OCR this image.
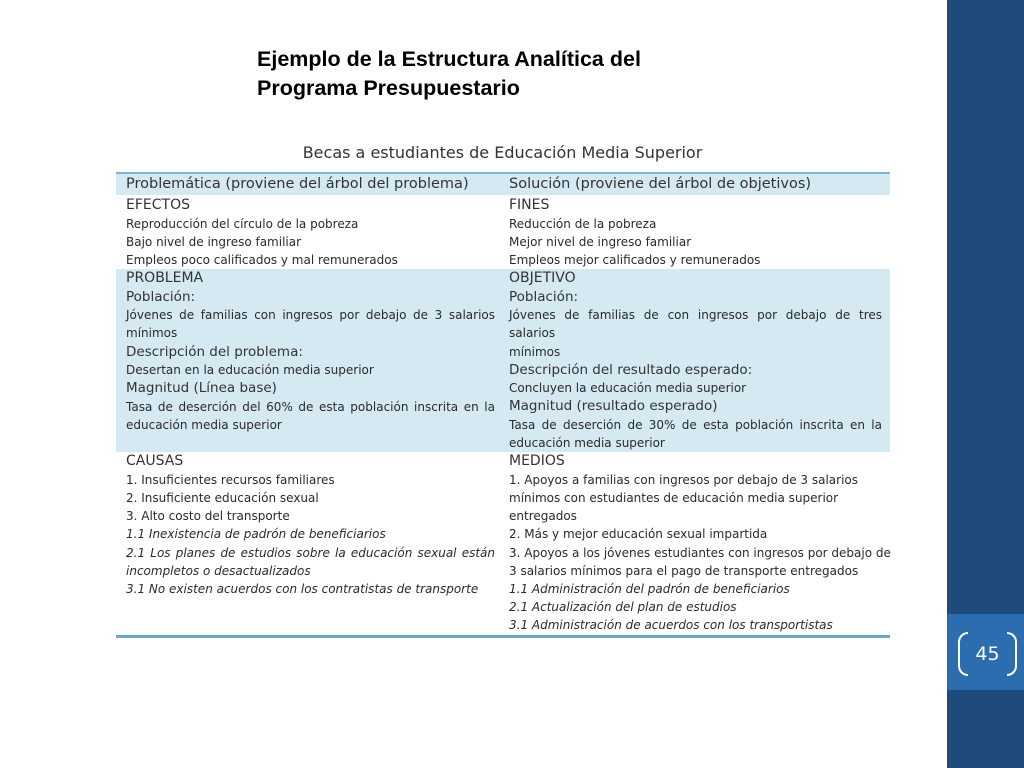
Ejemplo de la Estructura Analítica del
Programa Presupuestario
Becas a estudiantes de Educación Media Superior
Problemática (proviene del árbol del problema)	Solución (proviene del árbol de objetivos)
EFECTOS
Reproducción del círculo de la pobreza
Bajo nivel de ingreso familiar
Empleos poco calificados y mal remunerados
FINES
Reducción de la pobreza
Mejor nivel de ingreso familiar
Empleos mejor calificados y remunerados
PROBLEMA
Población:
Jóvenes de familias con ingresos por debajo de 3 salarios
mínimos
Descripción del problema:
Desertan en la educación media superior
Magnitud (Línea base)
Tasa de deserción del 60% de esta población inscrita en la
educación media superior
OBJETIVO
Población:
Jóvenes de familias de con ingresos por debajo de tres salarios
mínimos
Descripción del resultado esperado:
Concluyen la educación media superior
Magnitud (resultado esperado)
Tasa de deserción de 30% de esta población inscrita en la
educación media superior
CAUSAS
1. Insuficientes recursos familiares
2. Insuficiente educación sexual
3. Alto costo del transporte
1.1 Inexistencia de padrón de beneficiarios
2.1 Los planes de estudios sobre la educación sexual están
incompletos o desactualizados
3.1 No existen acuerdos con los contratistas de transporte
MEDIOS
1. Apoyos a familias con ingresos por debajo de 3 salarios
mínimos con estudiantes de educación media superior
entregados
2. Más y mejor educación sexual impartida
3. Apoyos a los jóvenes estudiantes con ingresos por debajo de
3 salarios mínimos para el pago de transporte entregados
1.1 Administración del padrón de beneficiarios
2.1 Actualización del plan de estudios
3.1 Administración de acuerdos con los transportistas
45
